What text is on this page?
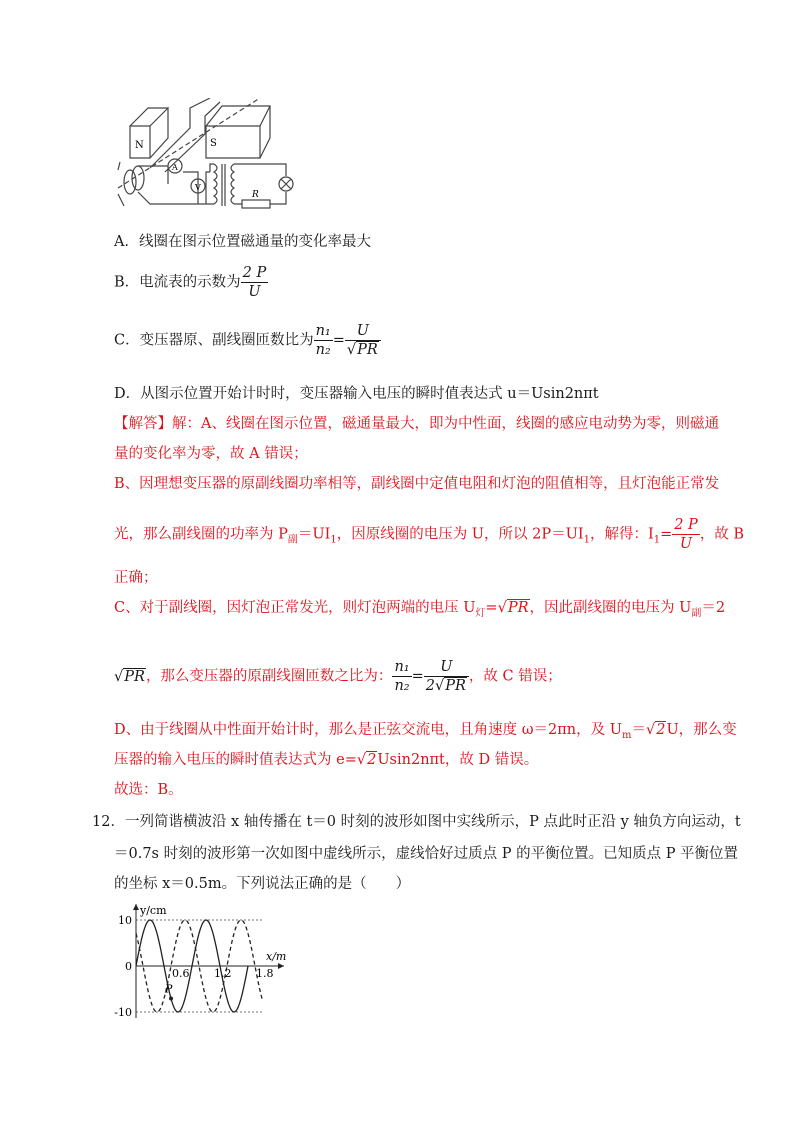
N	S
A
V
R
A．线圈在图示位置磁通量的变化率最大
B．电流表的示数为 $\frac{2 P}{U}$
C．变压器原、副线圈匝数比为 $\frac{\text{n₁}}{\text{n₂}} = \frac{U}{√PR}$
D．从图示位置开始计时时，变压器输入电压的瞬时值表达式 u＝Usin2nπt
【解答】解：A、线圈在图示位置，磁通量最大，即为中性面，线圈的感应电动势为零，则磁通
量的变化率为零，故 A 错误；
B、因理想变压器的原副线圈功率相等，副线圈中定值电阻和灯泡的阻值相等，且灯泡能正常发
光，那么副线圈的功率为 $P_副=UI_1$，因原线圈的电压为 U，所以 $2P=UI_1$，解得：$I_1= \frac{2 P}{U}$ ，故 B
正确；
C、对于副线圈，因灯泡正常发光，则灯泡两端的电压 $U_灯=√PR$，因此副线圈的电压为 $U_副=2$
√PR，那么变压器的原副线圈匝数之比为： $\frac{\text{n₁}}{\text{n₂}} = \frac{U}{2√PR}$ ，故 C 错误；
D、由于线圈从中性面开始计时，那么是正弦交流电，且角速度 ω＝2πn，及 $U_m=√2U$，那么变
压器的输入电压的瞬时值表达式为 e=√2Usin2nπt，故 D 错误。
故选：B。
12．一列简谐横波沿 x 轴传播在 t＝0 时刻的波形如图中实线所示，P 点此时正沿 y 轴负方向运动，t
＝0.7s 时刻的波形第一次如图中虚线所示，虚线恰好过质点 P 的平衡位置。已知质点 P 平衡位置
的坐标 x＝0.5m。下列说法正确的是（　　）
0.6 1.2 1.8
10
0
-10
x/m
y/cm
P
